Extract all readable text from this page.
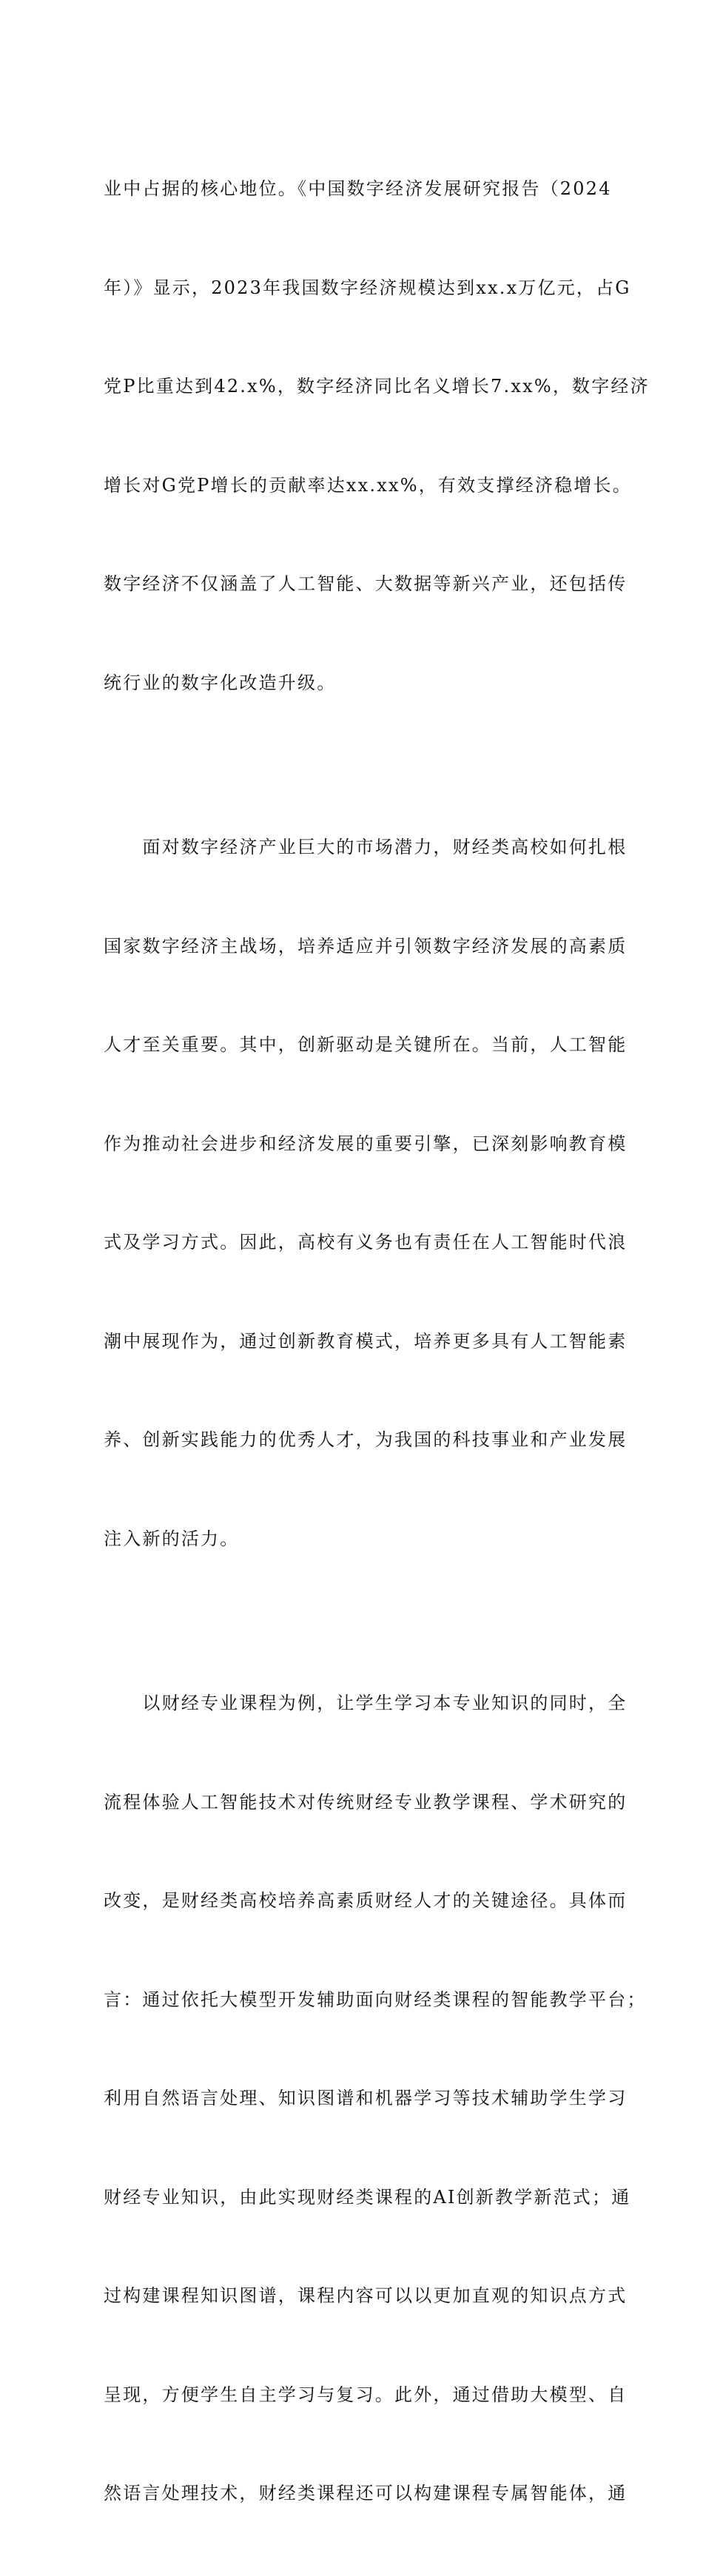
业中占据的核心地位。《中国数字经济发展研究报告（2024

年）》显示，2023年我国数字经济规模达到xx.x万亿元，占G

党P比重达到42.x%，数字经济同比名义增长7.xx%，数字经济

增长对G党P增长的贡献率达xx.xx%，有效支撑经济稳增长。

数字经济不仅涵盖了人工智能、大数据等新兴产业，还包括传

统行业的数字化改造升级。

　　面对数字经济产业巨大的市场潜力，财经类高校如何扎根

国家数字经济主战场，培养适应并引领数字经济发展的高素质

人才至关重要。其中，创新驱动是关键所在。当前，人工智能

作为推动社会进步和经济发展的重要引擎，已深刻影响教育模

式及学习方式。因此，高校有义务也有责任在人工智能时代浪

潮中展现作为，通过创新教育模式，培养更多具有人工智能素

养、创新实践能力的优秀人才，为我国的科技事业和产业发展

注入新的活力。

　　以财经专业课程为例，让学生学习本专业知识的同时，全

流程体验人工智能技术对传统财经专业教学课程、学术研究的

改变，是财经类高校培养高素质财经人才的关键途径。具体而

言：通过依托大模型开发辅助面向财经类课程的智能教学平台；

利用自然语言处理、知识图谱和机器学习等技术辅助学生学习

财经专业知识，由此实现财经类课程的AI创新教学新范式；通

过构建课程知识图谱，课程内容可以以更加直观的知识点方式

呈现，方便学生自主学习与复习。此外，通过借助大模型、自

然语言处理技术，财经类课程还可以构建课程专属智能体，通
